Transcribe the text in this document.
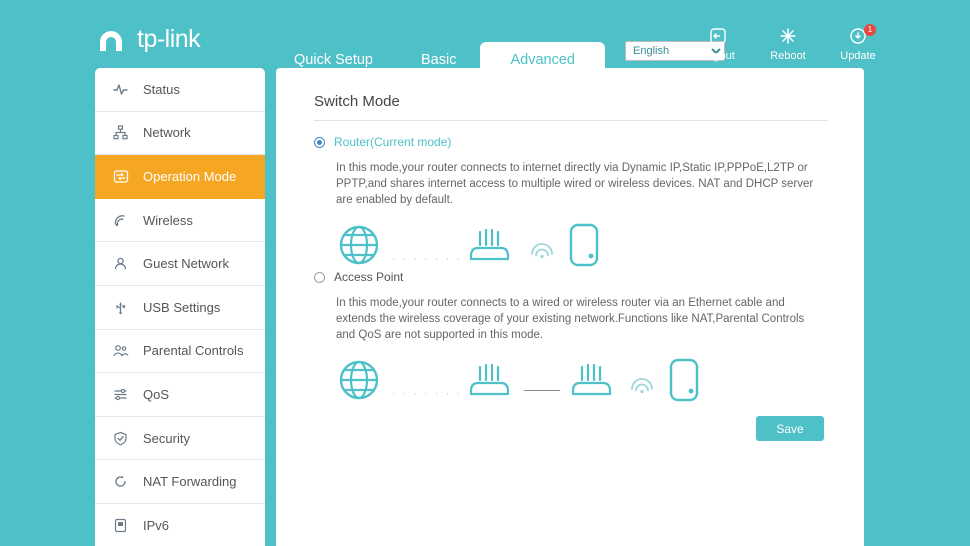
tp-link
Quick Setup	Basic	Advanced
English	Logout	Reboot
1
Update
Status
Network
Operation Mode
Wireless
Guest Network
USB Settings
Parental Controls
QoS
Security
NAT Forwarding
IPv6
Switch Mode
Router(Current mode)
In this mode,your router connects to internet directly via Dynamic IP,Static IP,PPPoE,L2TP or PPTP,and shares internet access to multiple wired or wireless devices. NAT and DHCP server are enabled by default.
· · · · · · ·
Access Point
In this mode,your router connects to a wired or wireless router via an Ethernet cable and extends the wireless coverage of your existing network.Functions like NAT,Parental Controls and QoS are not supported in this mode.
· · · · · · ·
Save
